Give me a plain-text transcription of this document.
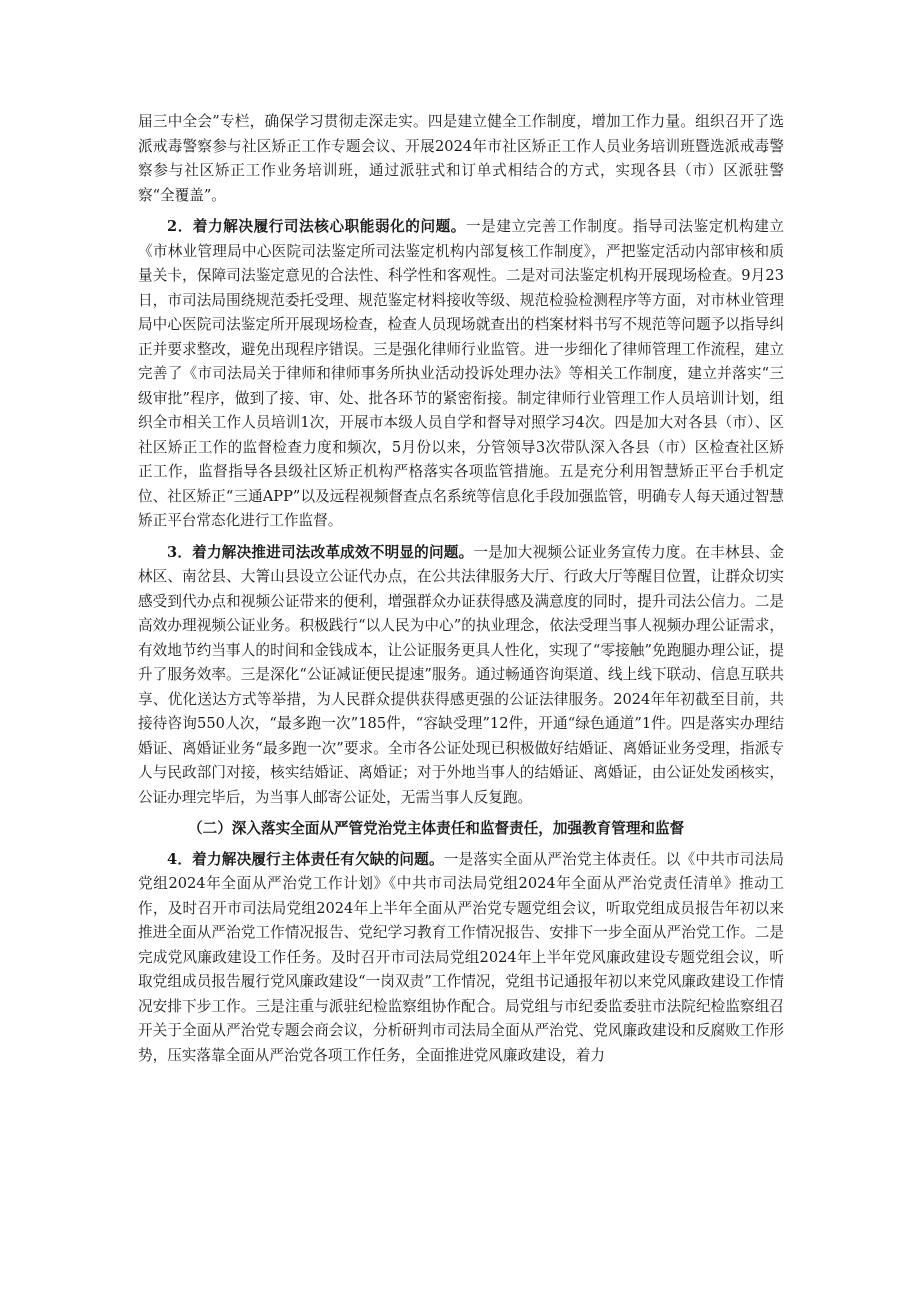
届三中全会”专栏，确保学习贯彻走深走实。四是建立健全工作制度，增加工作力量。组织召开了选派戒毒警察参与社区矫正工作专题会议、开展2024年市社区矫正工作人员业务培训班暨选派戒毒警察参与社区矫正工作业务培训班，通过派驻式和订单式相结合的方式，实现各县（市）区派驻警察“全覆盖”。

2．着力解决履行司法核心职能弱化的问题。一是建立完善工作制度。指导司法鉴定机构建立《市林业管理局中心医院司法鉴定所司法鉴定机构内部复核工作制度》，严把鉴定活动内部审核和质量关卡，保障司法鉴定意见的合法性、科学性和客观性。二是对司法鉴定机构开展现场检查。9月23日，市司法局围绕规范委托受理、规范鉴定材料接收等级、规范检验检测程序等方面，对市林业管理局中心医院司法鉴定所开展现场检查，检查人员现场就查出的档案材料书写不规范等问题予以指导纠正并要求整改，避免出现程序错误。三是强化律师行业监管。进一步细化了律师管理工作流程，建立完善了《市司法局关于律师和律师事务所执业活动投诉处理办法》等相关工作制度，建立并落实“三级审批”程序，做到了接、审、处、批各环节的紧密衔接。制定律师行业管理工作人员培训计划，组织全市相关工作人员培训1次，开展市本级人员自学和督导对照学习4次。四是加大对各县（市）、区社区矫正工作的监督检查力度和频次，5月份以来，分管领导3次带队深入各县（市）区检查社区矫正工作，监督指导各县级社区矫正机构严格落实各项监管措施。五是充分利用智慧矫正平台手机定位、社区矫正“三通APP”以及远程视频督查点名系统等信息化手段加强监管，明确专人每天通过智慧矫正平台常态化进行工作监督。

3．着力解决推进司法改革成效不明显的问题。一是加大视频公证业务宣传力度。在丰林县、金林区、南岔县、大箐山县设立公证代办点，在公共法律服务大厅、行政大厅等醒目位置，让群众切实感受到代办点和视频公证带来的便利，增强群众办证获得感及满意度的同时，提升司法公信力。二是高效办理视频公证业务。积极践行“以人民为中心”的执业理念，依法受理当事人视频办理公证需求，有效地节约当事人的时间和金钱成本，让公证服务更具人性化，实现了“零接触”免跑腿办理公证，提升了服务效率。三是深化“公证减证便民提速”服务。通过畅通咨询渠道、线上线下联动、信息互联共享、优化送达方式等举措，为人民群众提供获得感更强的公证法律服务。2024年年初截至目前，共接待咨询550人次，“最多跑一次”185件，“容缺受理”12件，开通“绿色通道”1件。四是落实办理结婚证、离婚证业务“最多跑一次”要求。全市各公证处现已积极做好结婚证、离婚证业务受理，指派专人与民政部门对接，核实结婚证、离婚证；对于外地当事人的结婚证、离婚证，由公证处发函核实，公证办理完毕后，为当事人邮寄公证处，无需当事人反复跑。

（二）深入落实全面从严管党治党主体责任和监督责任，加强教育管理和监督

4．着力解决履行主体责任有欠缺的问题。一是落实全面从严治党主体责任。以《中共市司法局党组2024年全面从严治党工作计划》《中共市司法局党组2024年全面从严治党责任清单》推动工作，及时召开市司法局党组2024年上半年全面从严治党专题党组会议，听取党组成员报告年初以来推进全面从严治党工作情况报告、党纪学习教育工作情况报告、安排下一步全面从严治党工作。二是完成党风廉政建设工作任务。及时召开市司法局党组2024年上半年党风廉政建设专题党组会议，听取党组成员报告履行党风廉政建设“一岗双责”工作情况，党组书记通报年初以来党风廉政建设工作情况安排下步工作。三是注重与派驻纪检监察组协作配合。局党组与市纪委监委驻市法院纪检监察组召开关于全面从严治党专题会商会议，分析研判市司法局全面从严治党、党风廉政建设和反腐败工作形势，压实落靠全面从严治党各项工作任务，全面推进党风廉政建设，着力
